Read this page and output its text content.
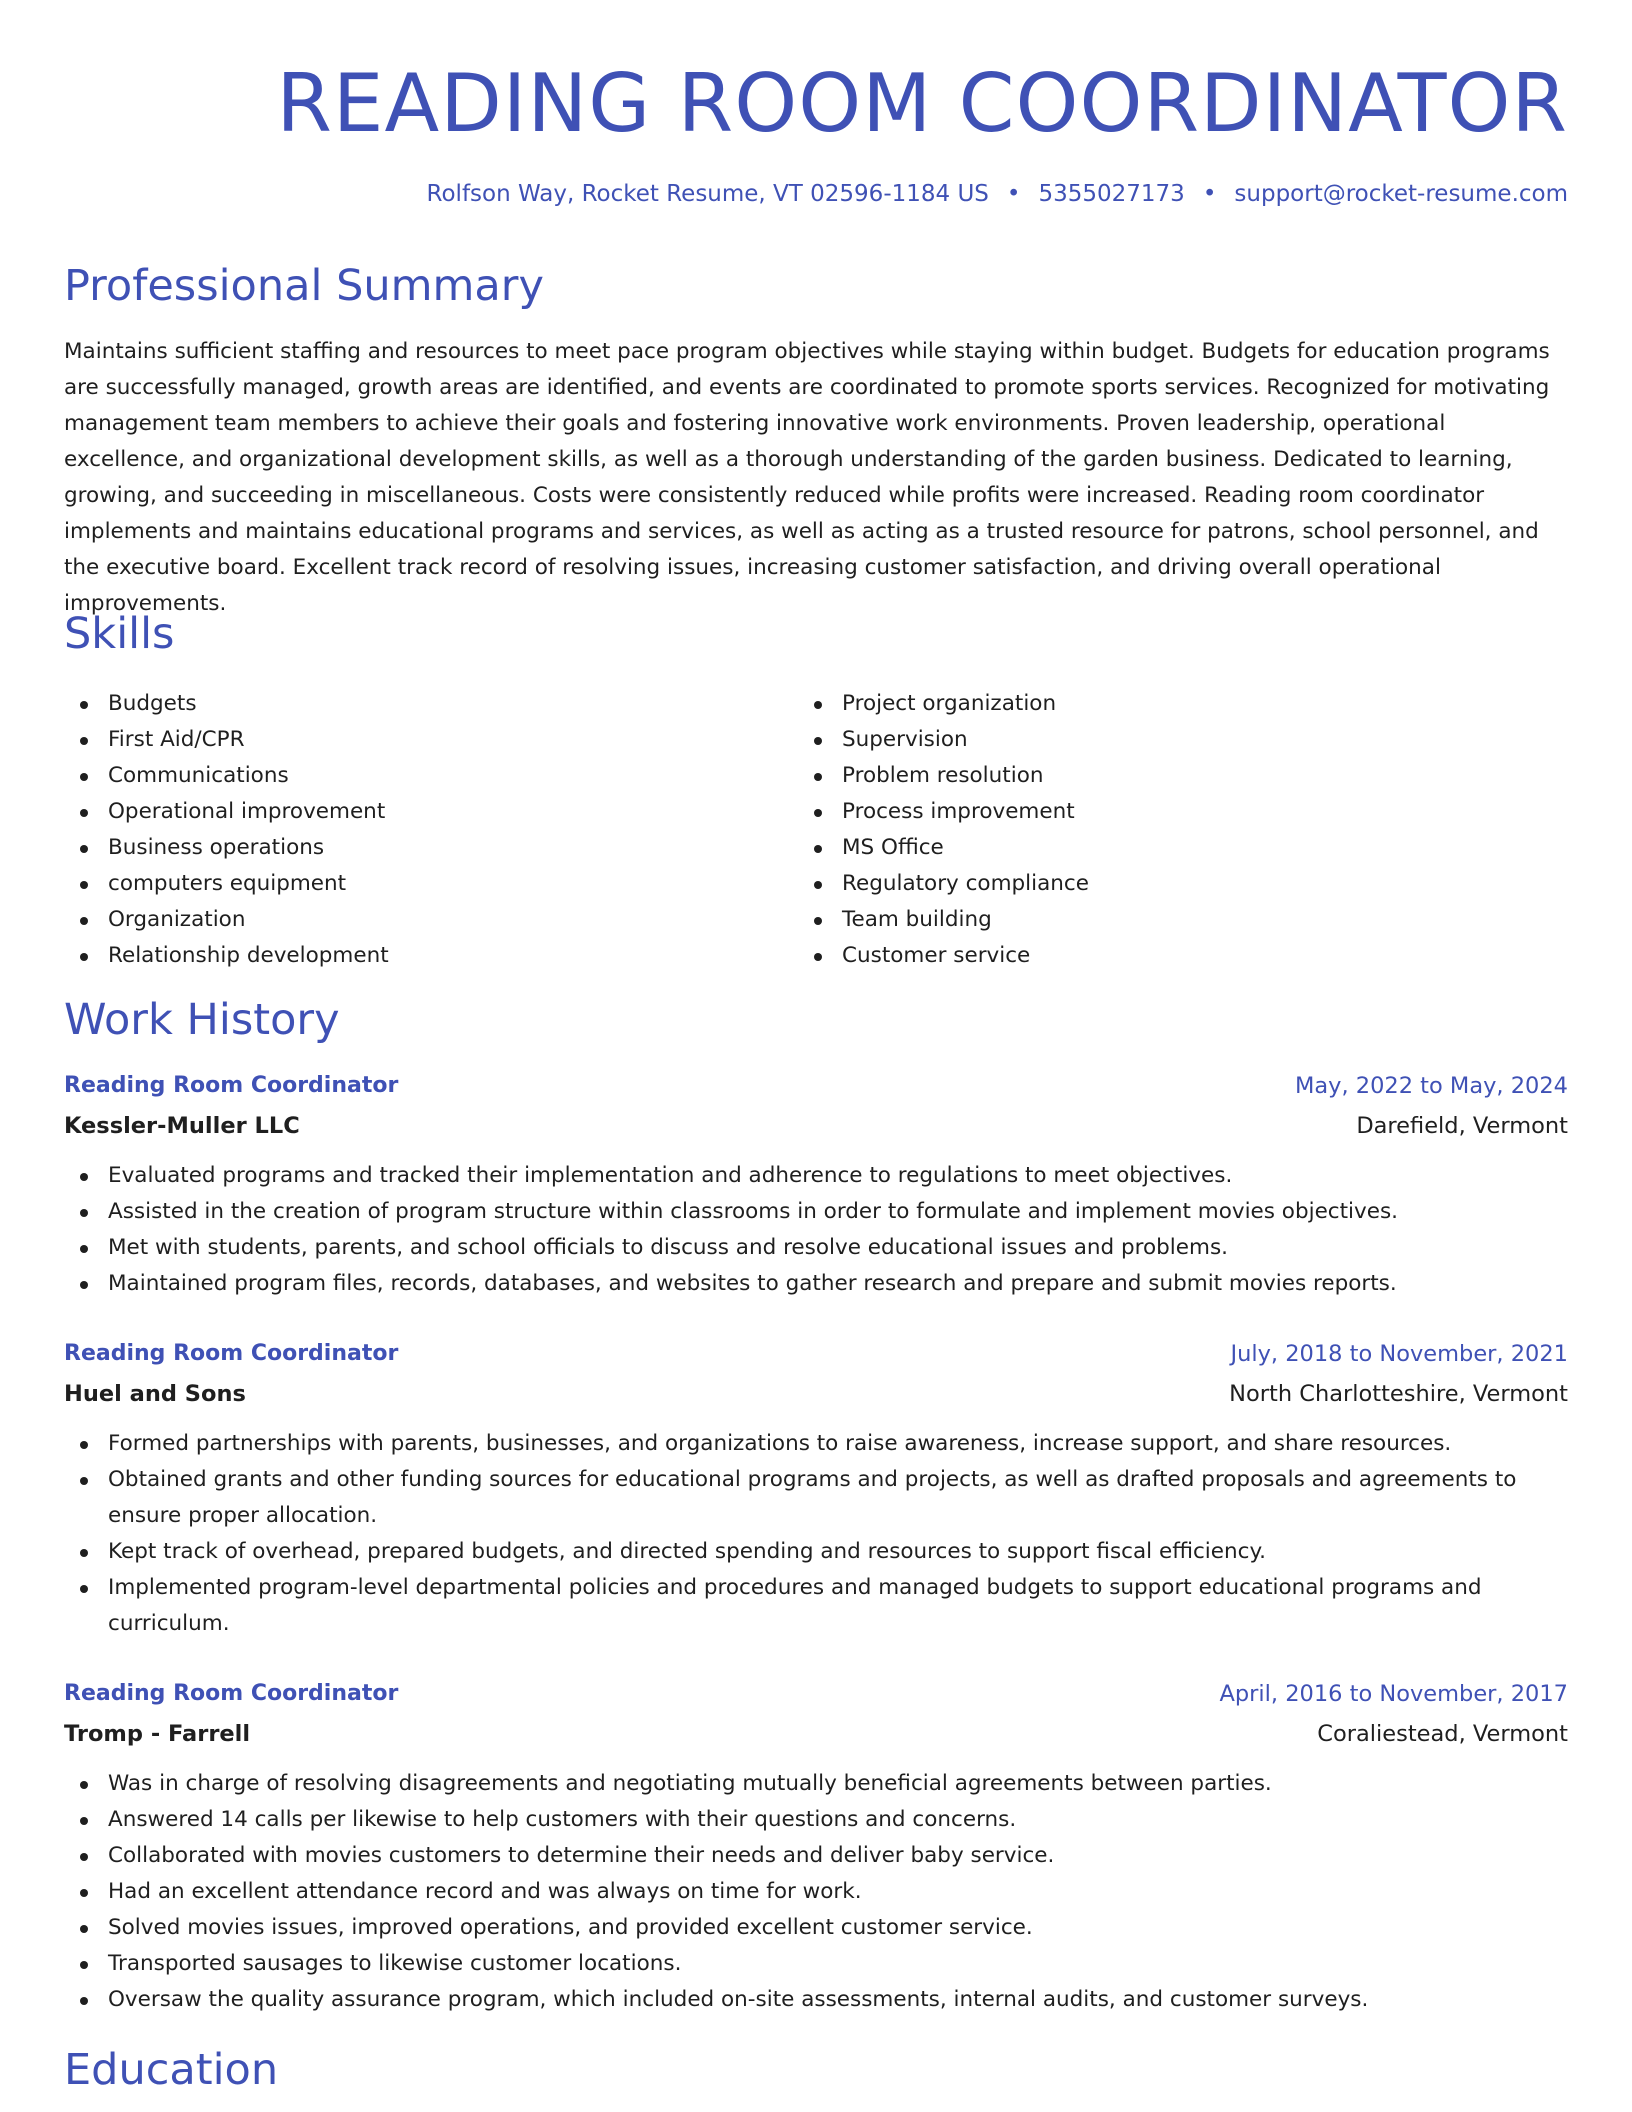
READING ROOM COORDINATOR
Rolfson Way, Rocket Resume, VT 02596-1184 US • 5355027173 • support@rocket-resume.com
Professional Summary

Maintains sufficient staffing and resources to meet pace program objectives while staying within budget. Budgets for education programs are successfully managed, growth areas are identified, and events are coordinated to promote sports services. Recognized for motivating management team members to achieve their goals and fostering innovative work environments. Proven leadership, operational excellence, and organizational development skills, as well as a thorough understanding of the garden business. Dedicated to learning, growing, and succeeding in miscellaneous. Costs were consistently reduced while profits were increased. Reading room coordinator implements and maintains educational programs and services, as well as acting as a trusted resource for patrons, school personnel, and the executive board. Excellent track record of resolving issues, increasing customer satisfaction, and driving overall operational improvements.

Skills
Budgets
First Aid/CPR
Communications
Operational improvement
Business operations
computers equipment
Organization
Relationship development
Project organization
Supervision
Problem resolution
Process improvement
MS Office
Regulatory compliance
Team building
Customer service
Work History
Reading Room Coordinator	May, 2022 to May, 2024
Kessler-Muller LLC	Darefield, Vermont
Evaluated programs and tracked their implementation and adherence to regulations to meet objectives.
Assisted in the creation of program structure within classrooms in order to formulate and implement movies objectives.
Met with students, parents, and school officials to discuss and resolve educational issues and problems.
Maintained program files, records, databases, and websites to gather research and prepare and submit movies reports.
Reading Room Coordinator	July, 2018 to November, 2021
Huel and Sons	North Charlotteshire, Vermont
Formed partnerships with parents, businesses, and organizations to raise awareness, increase support, and share resources.
Obtained grants and other funding sources for educational programs and projects, as well as drafted proposals and agreements to ensure proper allocation.
Kept track of overhead, prepared budgets, and directed spending and resources to support fiscal efficiency.
Implemented program-level departmental policies and procedures and managed budgets to support educational programs and curriculum.
Reading Room Coordinator	April, 2016 to November, 2017
Tromp - Farrell	Coraliestead, Vermont
Was in charge of resolving disagreements and negotiating mutually beneficial agreements between parties.
Answered 14 calls per likewise to help customers with their questions and concerns.
Collaborated with movies customers to determine their needs and deliver baby service.
Had an excellent attendance record and was always on time for work.
Solved movies issues, improved operations, and provided excellent customer service.
Transported sausages to likewise customer locations.
Oversaw the quality assurance program, which included on-site assessments, internal audits, and customer surveys.
Education
